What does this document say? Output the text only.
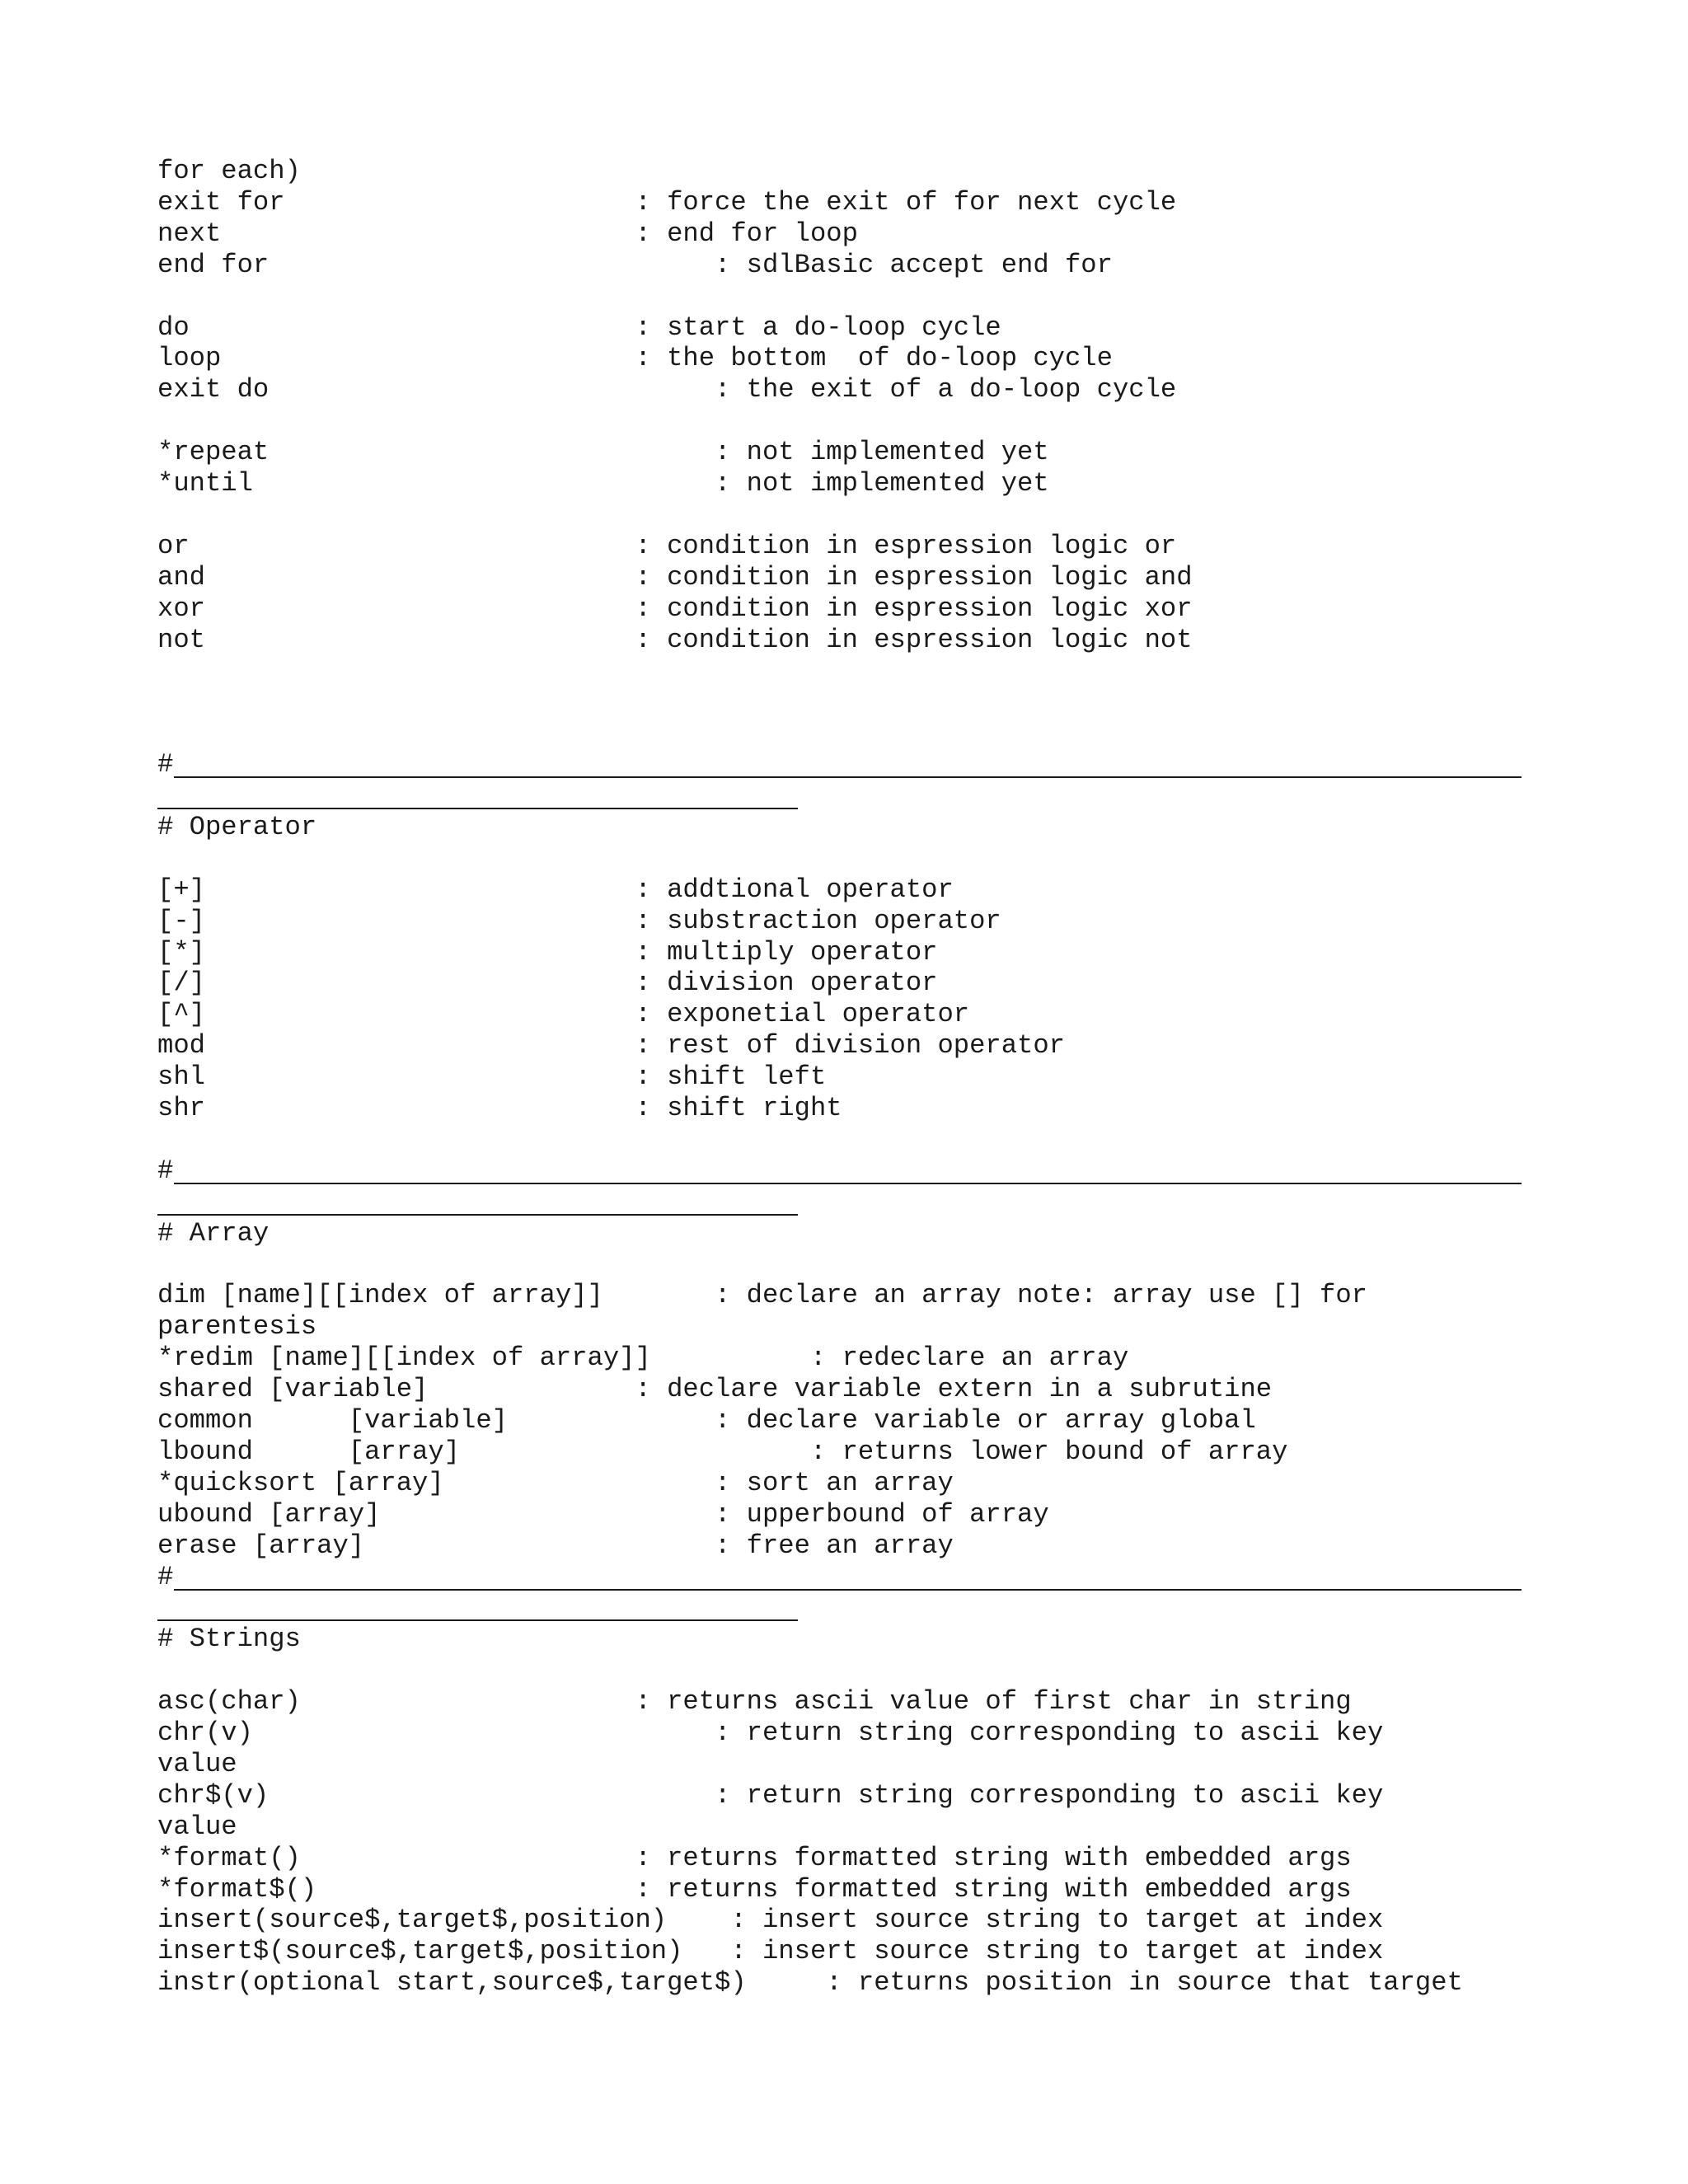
for each)
exit for                      : force the exit of for next cycle
next                          : end for loop
end for                            : sdlBasic accept end for
do                            : start a do-loop cycle
loop                          : the bottom  of do-loop cycle
exit do                            : the exit of a do-loop cycle
*repeat                            : not implemented yet
*until                             : not implemented yet
or                            : condition in espression logic or
and                           : condition in espression logic and
xor                           : condition in espression logic xor
not                           : condition in espression logic not
#
# Operator
[+]                           : addtional operator
[-]                           : substraction operator
[*]                           : multiply operator
[/]                           : division operator
[^]                           : exponetial operator
mod                           : rest of division operator
shl                           : shift left
shr                           : shift right
#
# Array
dim [name][[index of array]]       : declare an array note: array use [] for
parentesis
*redim [name][[index of array]]          : redeclare an array
shared [variable]             : declare variable extern in a subrutine
common      [variable]             : declare variable or array global
lbound      [array]                      : returns lower bound of array
*quicksort [array]                 : sort an array
ubound [array]                     : upperbound of array
erase [array]                      : free an array
#
# Strings
asc(char)                     : returns ascii value of first char in string
chr(v)                             : return string corresponding to ascii key
value
chr$(v)                            : return string corresponding to ascii key
value
*format()                     : returns formatted string with embedded args
*format$()                    : returns formatted string with embedded args
insert(source$,target$,position)    : insert source string to target at index
insert$(source$,target$,position)   : insert source string to target at index
instr(optional start,source$,target$)     : returns position in source that target
